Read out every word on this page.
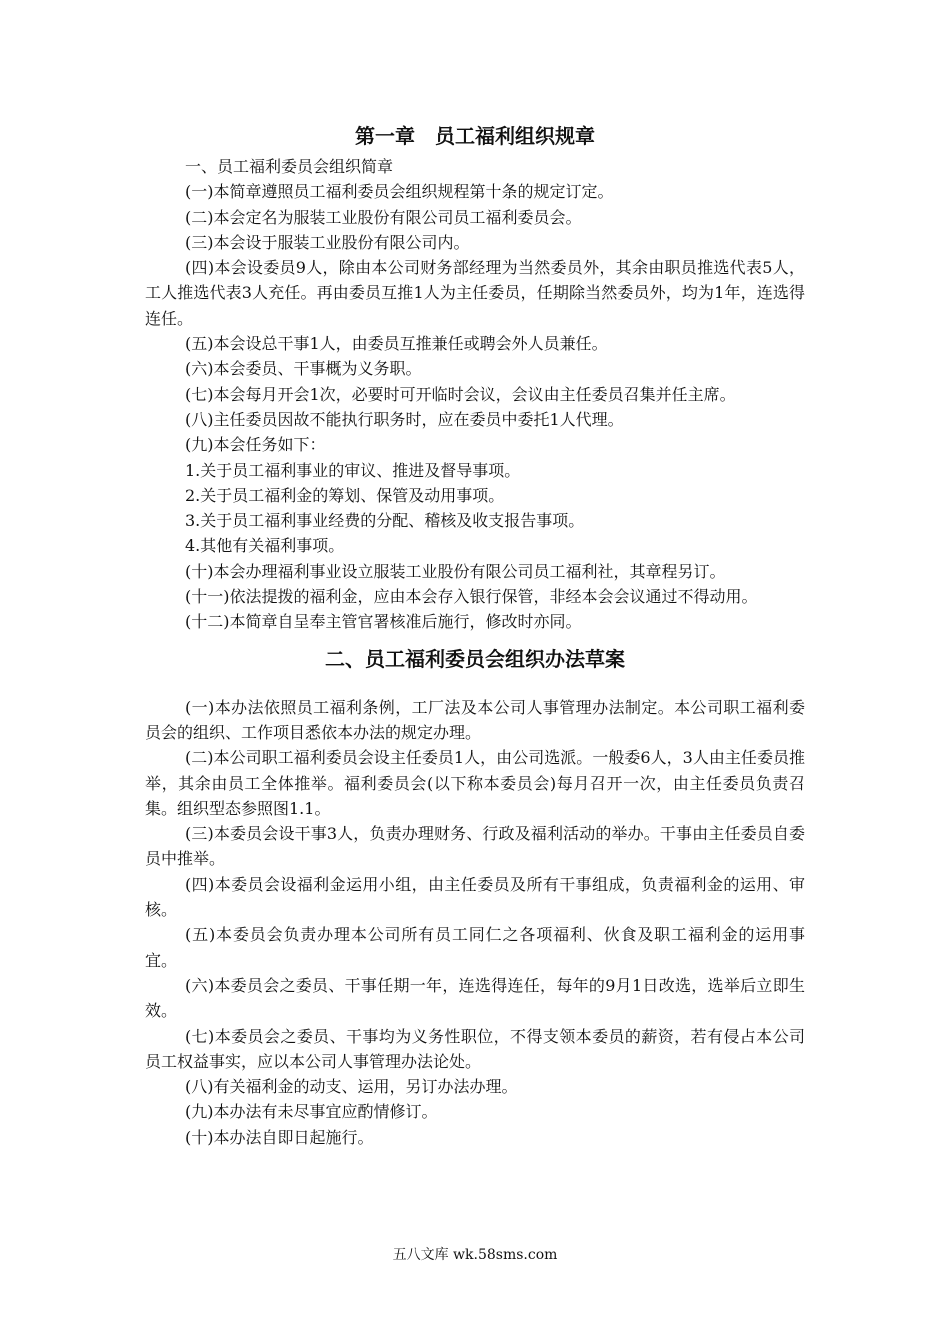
第一章　员工福利组织规章

一、员工福利委员会组织简章

(一)本简章遵照员工福利委员会组织规程第十条的规定订定。

(二)本会定名为服装工业股份有限公司员工福利委员会。

(三)本会设于服装工业股份有限公司内。

(四)本会设委员9人，除由本公司财务部经理为当然委员外，其余由职员推选代表5人，工人推选代表3人充任。再由委员互推1人为主任委员，任期除当然委员外，均为1年，连选得连任。

(五)本会设总干事1人，由委员互推兼任或聘会外人员兼任。

(六)本会委员、干事概为义务职。

(七)本会每月开会1次，必要时可开临时会议，会议由主任委员召集并任主席。

(八)主任委员因故不能执行职务时，应在委员中委托1人代理。

(九)本会任务如下：

1.关于员工福利事业的审议、推进及督导事项。

2.关于员工福利金的筹划、保管及动用事项。

3.关于员工福利事业经费的分配、稽核及收支报告事项。

4.其他有关福利事项。

(十)本会办理福利事业设立服装工业股份有限公司员工福利社，其章程另订。

(十一)依法提拨的福利金，应由本会存入银行保管，非经本会会议通过不得动用。

(十二)本简章自呈奉主管官署核准后施行，修改时亦同。

二、员工福利委员会组织办法草案

(一)本办法依照员工福利条例，工厂法及本公司人事管理办法制定。本公司职工福利委员会的组织、工作项目悉依本办法的规定办理。

(二)本公司职工福利委员会设主任委员1人，由公司选派。一般委6人，3人由主任委员推举，其余由员工全体推举。福利委员会(以下称本委员会)每月召开一次，由主任委员负责召集。组织型态参照图1.1。

(三)本委员会设干事3人，负责办理财务、行政及福利活动的举办。干事由主任委员自委员中推举。

(四)本委员会设福利金运用小组，由主任委员及所有干事组成，负责福利金的运用、审核。

(五)本委员会负责办理本公司所有员工同仁之各项福利、伙食及职工福利金的运用事宜。

(六)本委员会之委员、干事任期一年，连选得连任，每年的9月1日改选，选举后立即生效。

(七)本委员会之委员、干事均为义务性职位，不得支领本委员的薪资，若有侵占本公司员工权益事实，应以本公司人事管理办法论处。

(八)有关福利金的动支、运用，另订办法办理。

(九)本办法有未尽事宜应酌情修订。

(十)本办法自即日起施行。

五八文库 wk.58sms.com
